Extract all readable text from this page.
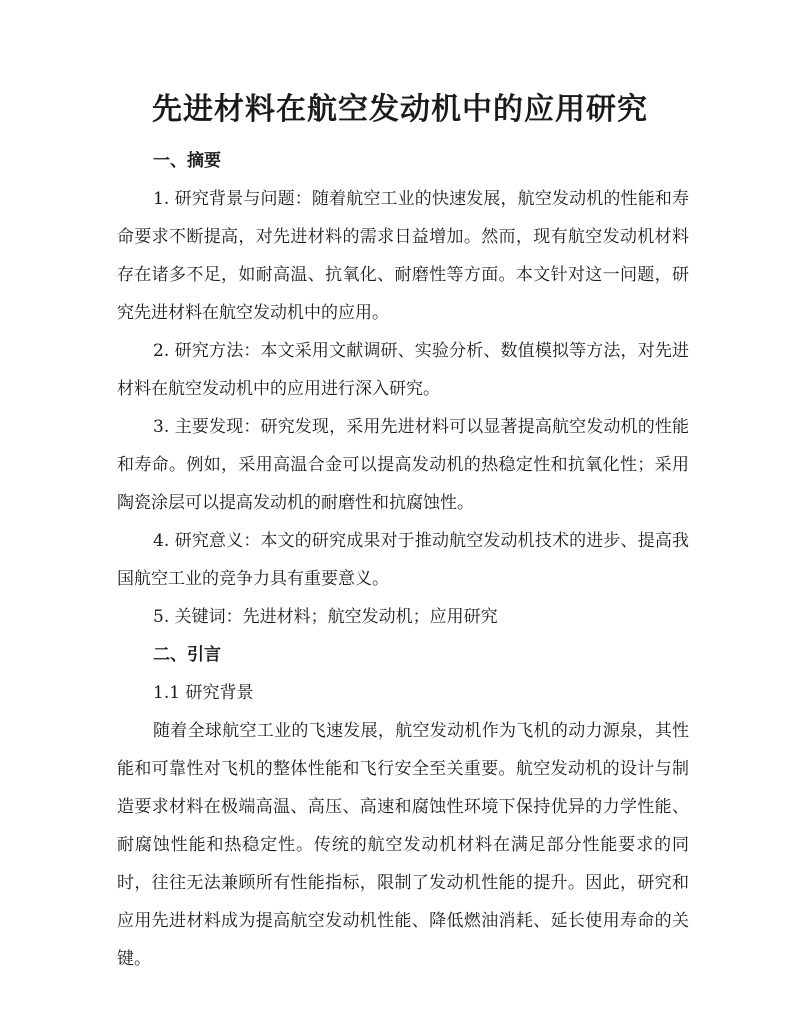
先进材料在航空发动机中的应用研究

一、摘要

1. 研究背景与问题：随着航空工业的快速发展，航空发动机的性能和寿命要求不断提高，对先进材料的需求日益增加。然而，现有航空发动机材料存在诸多不足，如耐高温、抗氧化、耐磨性等方面。本文针对这一问题，研究先进材料在航空发动机中的应用。

2. 研究方法：本文采用文献调研、实验分析、数值模拟等方法，对先进材料在航空发动机中的应用进行深入研究。

3. 主要发现：研究发现，采用先进材料可以显著提高航空发动机的性能和寿命。例如，采用高温合金可以提高发动机的热稳定性和抗氧化性；采用陶瓷涂层可以提高发动机的耐磨性和抗腐蚀性。

4. 研究意义：本文的研究成果对于推动航空发动机技术的进步、提高我国航空工业的竞争力具有重要意义。

5. 关键词：先进材料；航空发动机；应用研究

二、引言

1.1 研究背景

随着全球航空工业的飞速发展，航空发动机作为飞机的动力源泉，其性能和可靠性对飞机的整体性能和飞行安全至关重要。航空发动机的设计与制造要求材料在极端高温、高压、高速和腐蚀性环境下保持优异的力学性能、耐腐蚀性能和热稳定性。传统的航空发动机材料在满足部分性能要求的同时，往往无法兼顾所有性能指标，限制了发动机性能的提升。因此，研究和应用先进材料成为提高航空发动机性能、降低燃油消耗、延长使用寿命的关键。
